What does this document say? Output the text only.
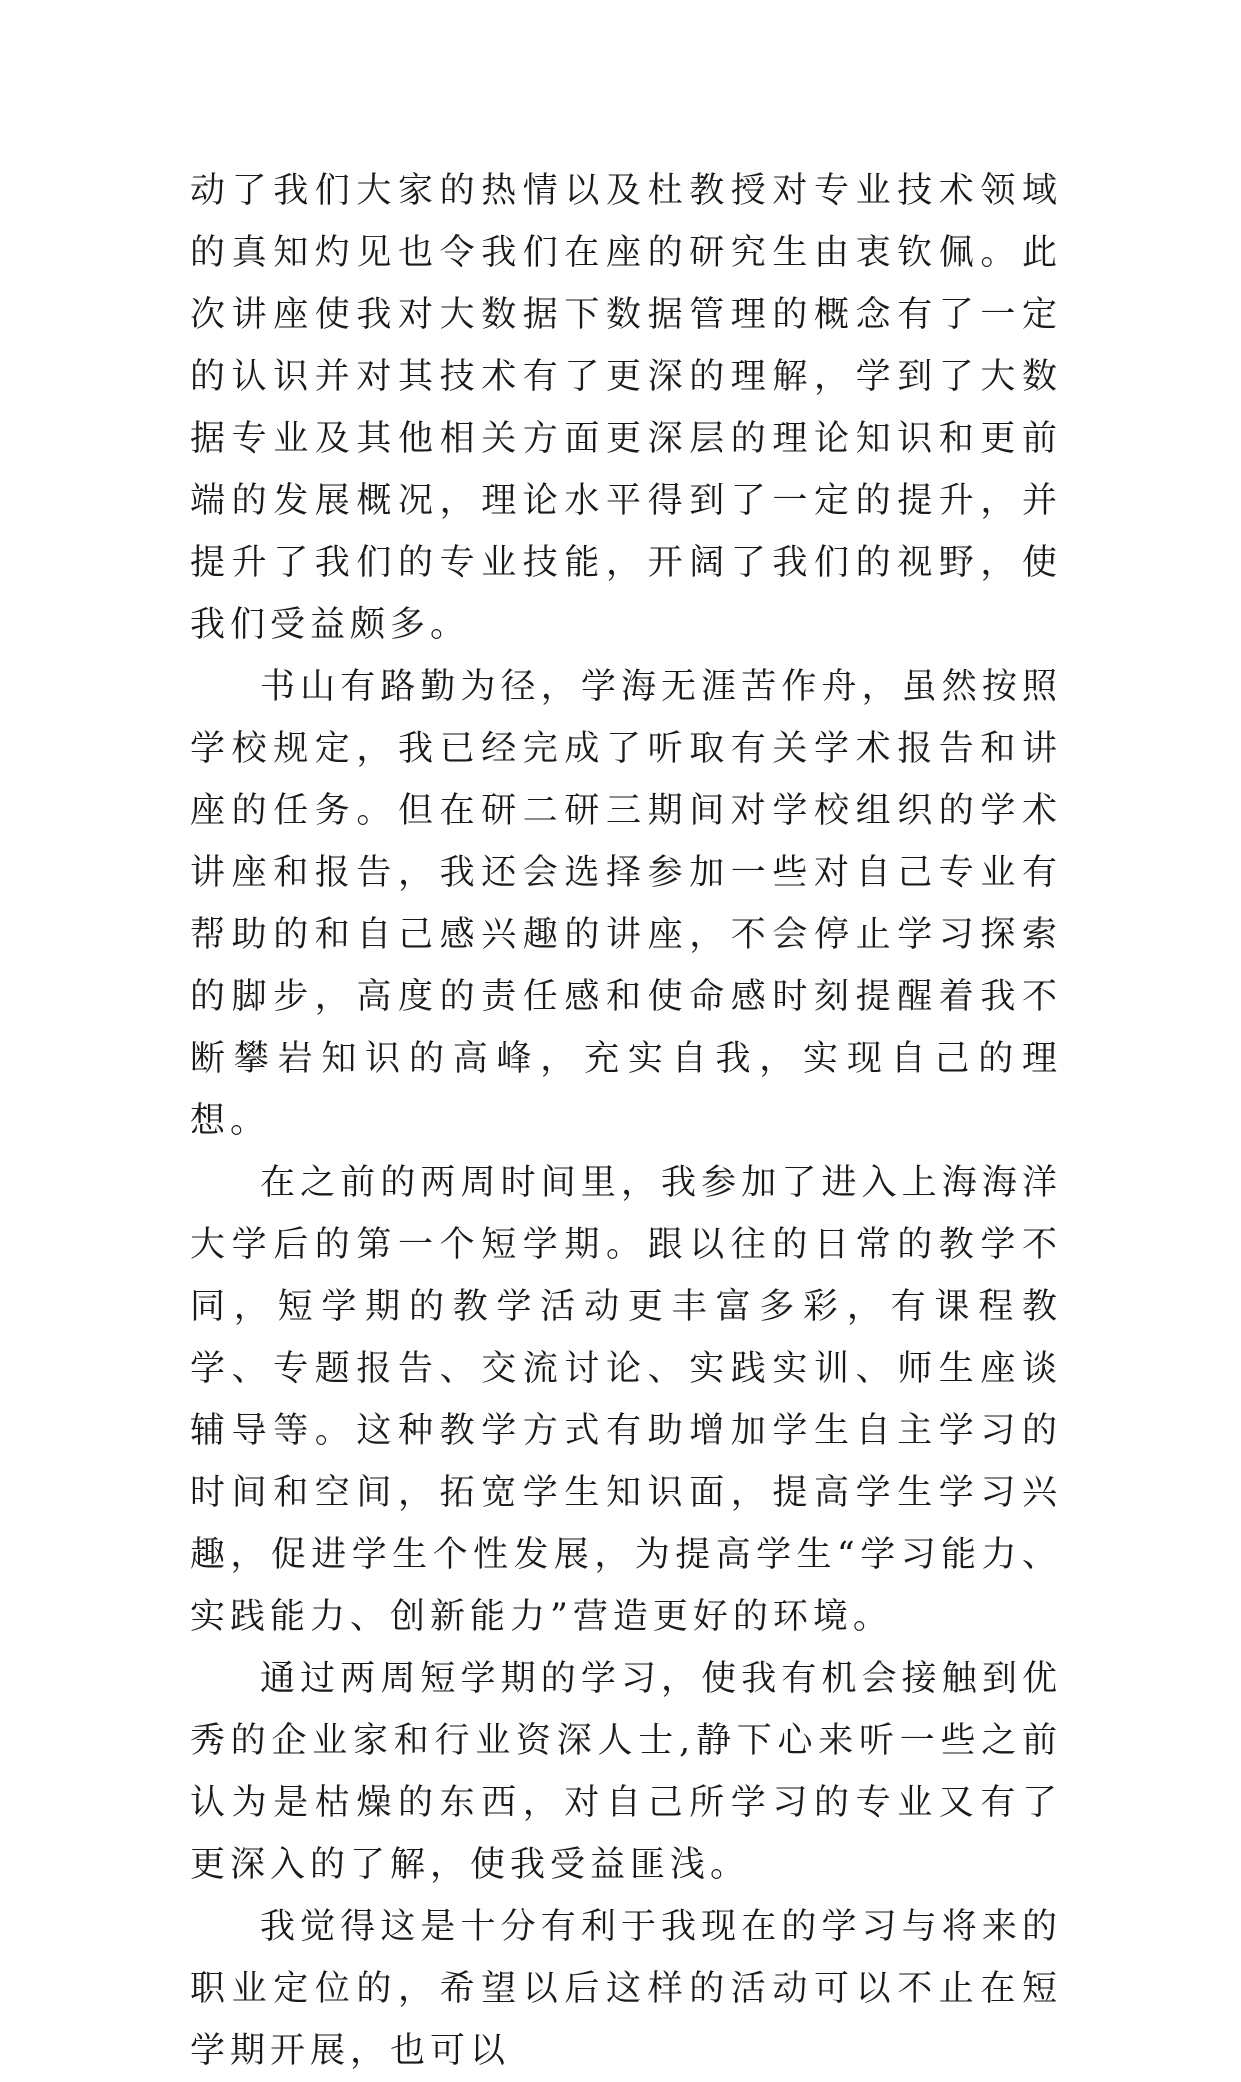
动了我们大家的热情以及杜教授对专业技术领域的真知灼见也令我们在座的研究生由衷钦佩。此次讲座使我对大数据下数据管理的概念有了一定的认识并对其技术有了更深的理解，学到了大数据专业及其他相关方面更深层的理论知识和更前端的发展概况，理论水平得到了一定的提升，并提升了我们的专业技能，开阔了我们的视野，使我们受益颇多。

书山有路勤为径，学海无涯苦作舟，虽然按照学校规定，我已经完成了听取有关学术报告和讲座的任务。但在研二研三期间对学校组织的学术讲座和报告，我还会选择参加一些对自己专业有帮助的和自己感兴趣的讲座，不会停止学习探索的脚步，高度的责任感和使命感时刻提醒着我不断攀岩知识的高峰，充实自我，实现自己的理想。

在之前的两周时间里，我参加了进入上海海洋大学后的第一个短学期。跟以往的日常的教学不同，短学期的教学活动更丰富多彩，有课程教学、专题报告、交流讨论、实践实训、师生座谈辅导等。这种教学方式有助增加学生自主学习的时间和空间，拓宽学生知识面，提高学生学习兴趣，促进学生个性发展，为提高学生“学习能力、实践能力、创新能力”营造更好的环境。

通过两周短学期的学习，使我有机会接触到优秀的企业家和行业资深人士,静下心来听一些之前认为是枯燥的东西，对自己所学习的专业又有了更深入的了解，使我受益匪浅。

我觉得这是十分有利于我现在的学习与将来的职业定位的，希望以后这样的活动可以不止在短学期开展，也可以
